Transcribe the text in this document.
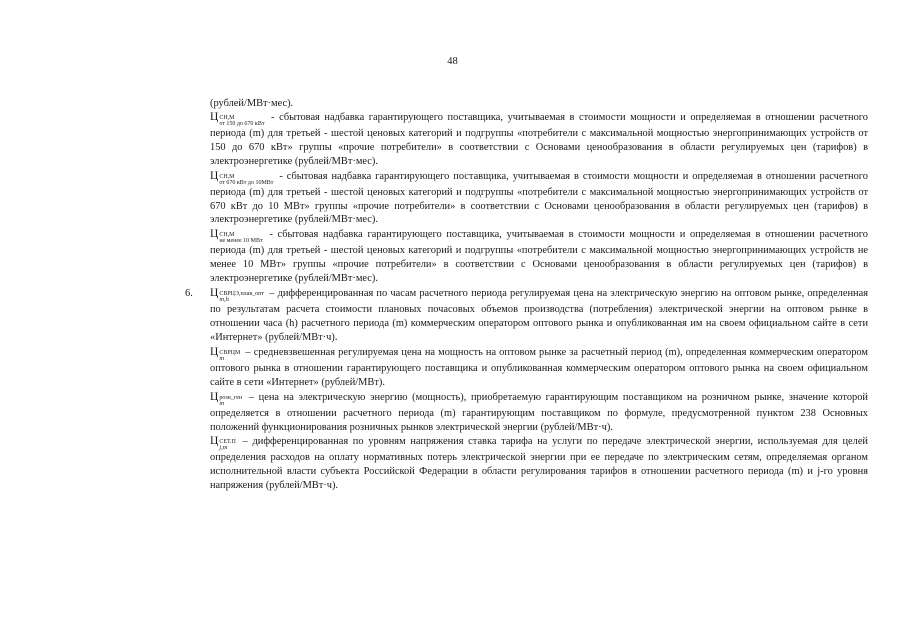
48

(рублей/МВт·мес).

Ц СН,М
от 150 до 670 кВт
- сбытовая надбавка гарантирующего поставщика, учитываемая в стоимости мощности и определяемая в отношении расчетного периода (m) для третьей - шестой ценовых категорий и подгруппы «потребители с максимальной мощностью энергопринимающих устройств от 150 до 670 кВт» группы «прочие потребители» в соответствии с Основами ценообразования в области регулируемых цен (тарифов) в электроэнергетике (рублей/МВт·мес).

Ц СН,М
от 670 кВт до 10МВт
- сбытовая надбавка гарантирующего поставщика, учитываемая в стоимости мощности и определяемая в отношении расчетного периода (m) для третьей - шестой ценовых категорий и подгруппы «потребители с максимальной мощностью энергопринимающих устройств от 670 кВт до 10 МВт» группы «прочие потребители» в соответствии с Основами ценообразования в области регулируемых цен (тарифов) в электроэнергетике (рублей/МВт·мес).

Ц СН,М
не менее 10 МВт
- сбытовая надбавка гарантирующего поставщика, учитываемая в стоимости мощности и определяемая в отношении расчетного периода (m) для третьей - шестой ценовых категорий и подгруппы «потребители с максимальной мощностью энергопринимающих устройств не менее 10 МВт» группы «прочие потребители» в соответствии с Основами ценообразования в области регулируемых цен (тарифов) в электроэнергетике (рублей/МВт·мес).

6. Ц СВРЦЭ,плав_опт
m,h
– дифференцированная по часам расчетного периода регулируемая цена на электрическую энергию на оптовом рынке, определенная по результатам расчета стоимости плановых почасовых объемов производства (потребления) электрической энергии на оптовом рынке в отношении часа (h) расчетного периода (m) коммерческим оператором оптового рынка и опубликованная им на своем официальном сайте в сети «Интернет» (рублей/МВт·ч).

Ц СВРЦМ
m
– средневзвешенная регулируемая цена на мощность на оптовом рынке за расчетный период (m), определенная коммерческим оператором оптового рынка в отношении гарантирующего поставщика и опубликованная коммерческим оператором оптового рынка на своем официальном сайте в сети «Интернет» (рублей/МВт).

Ц розн_ген
m
– цена на электрическую энергию (мощность), приобретаемую гарантирующим поставщиком на розничном рынке, значение которой определяется в отношении расчетного периода (m) гарантирующим поставщиком по формуле, предусмотренной пунктом 238 Основных положений функционирования розничных рынков электрической энергии (рублей/МВт·ч).

Ц СЕТ.П
j,m
– дифференцированная по уровням напряжения ставка тарифа на услуги по передаче электрической энергии, используемая для целей определения расходов на оплату нормативных потерь электрической энергии при ее передаче по электрическим сетям, определяемая органом исполнительной власти субъекта Российской Федерации в области регулирования тарифов в отношении расчетного периода (m) и j-го уровня напряжения (рублей/МВт·ч).
